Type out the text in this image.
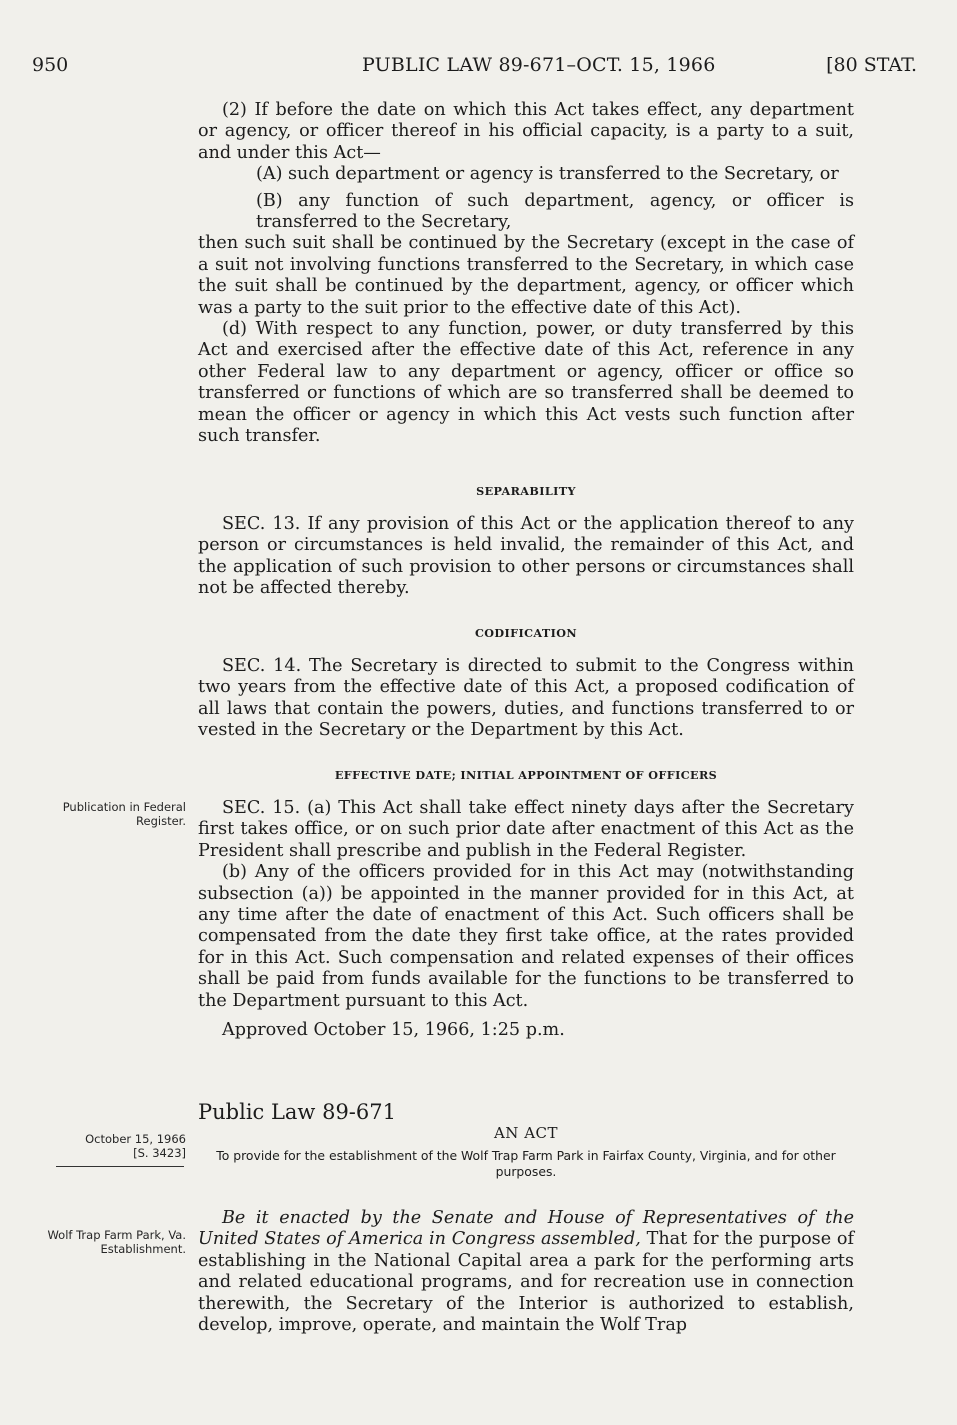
950	PUBLIC LAW 89-671–OCT. 15, 1966	[80 STAT.

(2) If before the date on which this Act takes effect, any department or agency, or officer thereof in his official capacity, is a party to a suit, and under this Act—

(A) such department or agency is transferred to the Secretary, or

(B) any function of such department, agency, or officer is transferred to the Secretary,

then such suit shall be continued by the Secretary (except in the case of a suit not involving functions transferred to the Secretary, in which case the suit shall be continued by the department, agency, or officer which was a party to the suit prior to the effective date of this Act).

(d) With respect to any function, power, or duty transferred by this Act and exercised after the effective date of this Act, reference in any other Federal law to any department or agency, officer or office so transferred or functions of which are so transferred shall be deemed to mean the officer or agency in which this Act vests such function after such transfer.

SEPARABILITY

SEC. 13. If any provision of this Act or the application thereof to any person or circumstances is held invalid, the remainder of this Act, and the application of such provision to other persons or circumstances shall not be affected thereby.

CODIFICATION

SEC. 14. The Secretary is directed to submit to the Congress within two years from the effective date of this Act, a proposed codification of all laws that contain the powers, duties, and functions transferred to or vested in the Secretary or the Department by this Act.

EFFECTIVE DATE; INITIAL APPOINTMENT OF OFFICERS
Publication in Federal Register.

SEC. 15. (a) This Act shall take effect ninety days after the Secretary first takes office, or on such prior date after enactment of this Act as the President shall prescribe and publish in the Federal Register.

(b) Any of the officers provided for in this Act may (notwithstanding subsection (a)) be appointed in the manner provided for in this Act, at any time after the date of enactment of this Act. Such officers shall be compensated from the date they first take office, at the rates provided for in this Act. Such compensation and related expenses of their offices shall be paid from funds available for the functions to be transferred to the Department pursuant to this Act.

Approved October 15, 1966, 1:25 p.m.

Public Law 89-671
October 15, 1966
[S. 3423]
AN ACT
To provide for the establishment of the Wolf Trap Farm Park in Fairfax County, Virginia, and for other purposes.
Wolf Trap Farm Park, Va. Establishment.

Be it enacted by the Senate and House of Representatives of the United States of America in Congress assembled, That for the purpose of establishing in the National Capital area a park for the performing arts and related educational programs, and for recreation use in connection therewith, the Secretary of the Interior is authorized to establish, develop, improve, operate, and maintain the Wolf Trap
